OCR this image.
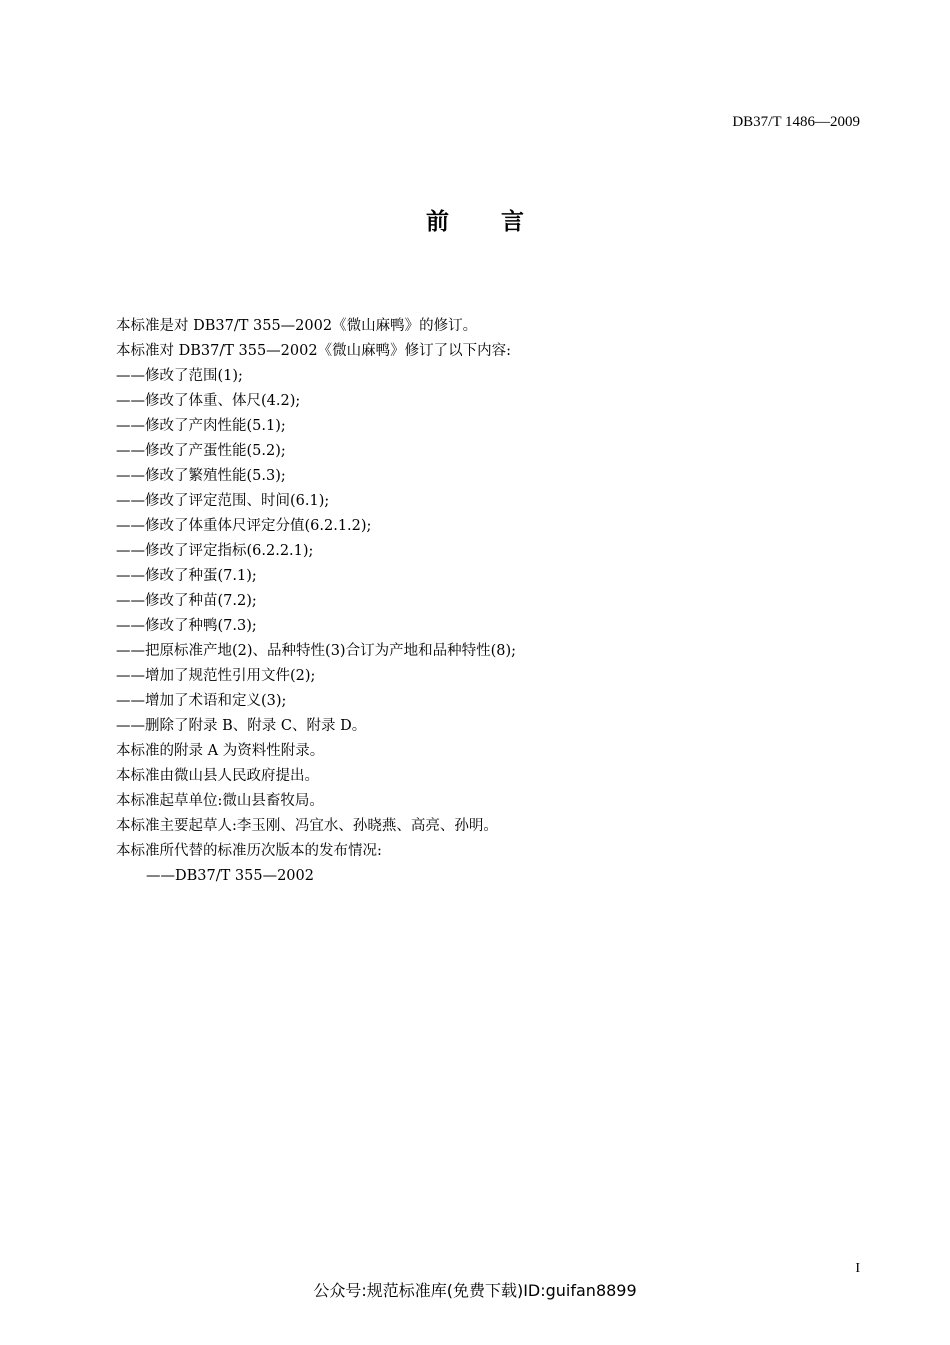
DB37/T 1486—2009
前 言
本标准是对 DB37/T 355—2002《微山麻鸭》的修订。
本标准对 DB37/T 355—2002《微山麻鸭》修订了以下内容:
——修改了范围(1);
——修改了体重、体尺(4.2);
——修改了产肉性能(5.1);
——修改了产蛋性能(5.2);
——修改了繁殖性能(5.3);
——修改了评定范围、时间(6.1);
——修改了体重体尺评定分值(6.2.1.2);
——修改了评定指标(6.2.2.1);
——修改了种蛋(7.1);
——修改了种苗(7.2);
——修改了种鸭(7.3);
——把原标准产地(2)、品种特性(3)合订为产地和品种特性(8);
——增加了规范性引用文件(2);
——增加了术语和定义(3);
——删除了附录 B、附录 C、附录 D。
本标准的附录 A 为资料性附录。
本标准由微山县人民政府提出。
本标准起草单位:微山县畜牧局。
本标准主要起草人:李玉刚、冯宜水、孙晓燕、高亮、孙明。
本标准所代替的标准历次版本的发布情况:
——DB37/T 355—2002
I
公众号:规范标准库(免费下载)ID:guifan8899
